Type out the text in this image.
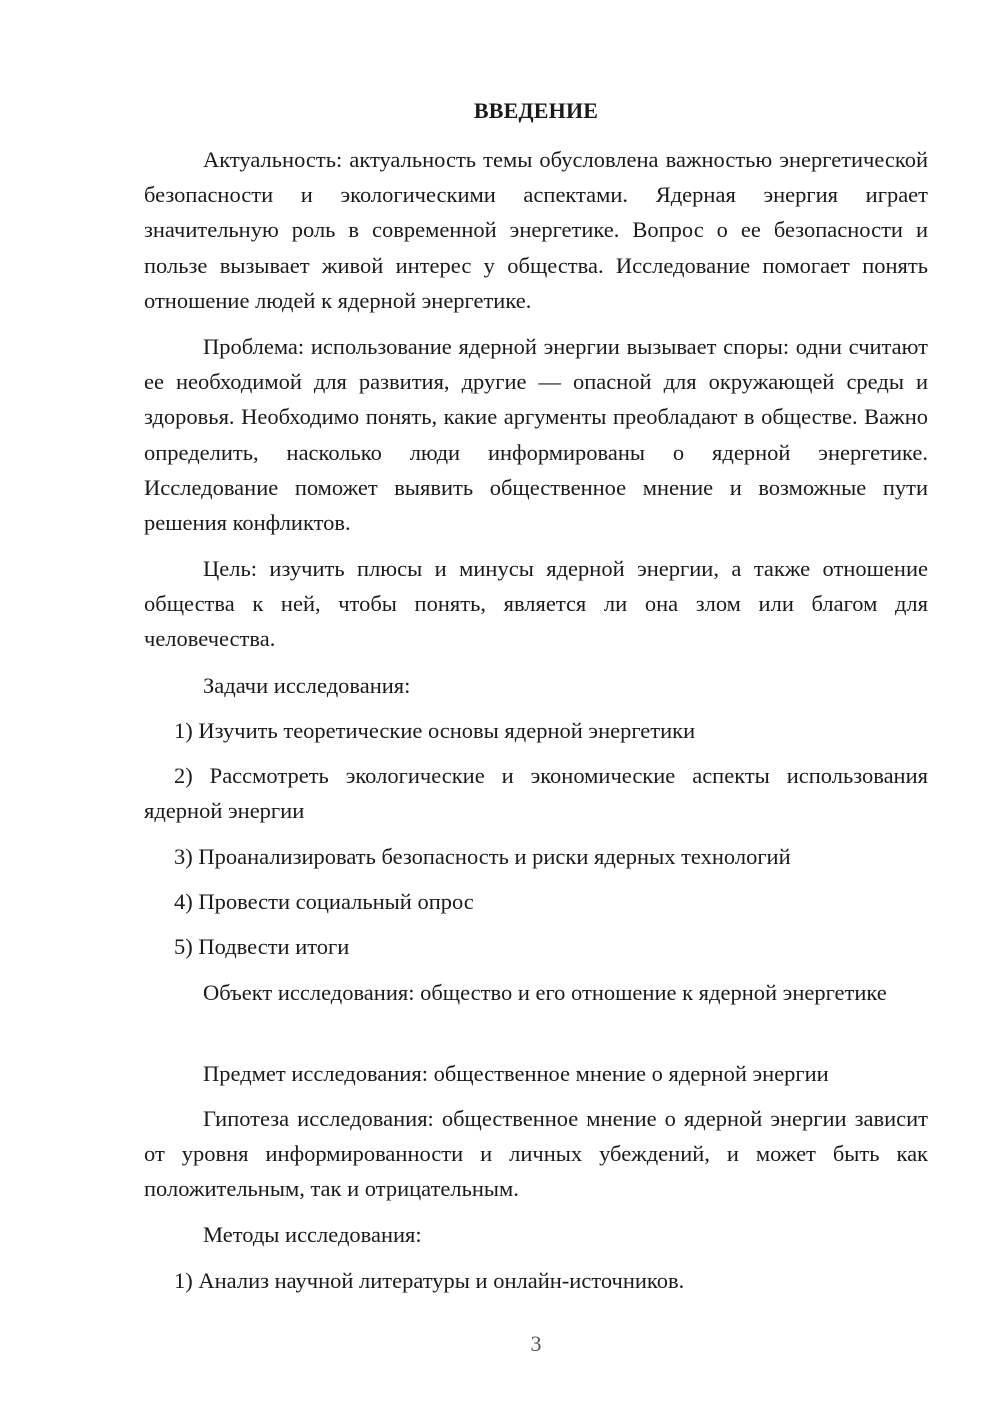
ВВЕДЕНИЕ

Актуальность: актуальность темы обусловлена важностью энергетической безопасности и экологическими аспектами. Ядерная энергия играет значительную роль в современной энергетике. Вопрос о ее безопасности и пользе вызывает живой интерес у общества. Исследование помогает понять отношение людей к ядерной энергетике.

Проблема: использование ядерной энергии вызывает споры: одни считают ее необходимой для развития, другие — опасной для окружающей среды и здоровья. Необходимо понять, какие аргументы преобладают в обществе. Важно определить, насколько люди информированы о ядерной энергетике. Исследование поможет выявить общественное мнение и возможные пути решения конфликтов.

Цель: изучить плюсы и минусы ядерной энергии, а также отношение общества к ней, чтобы понять, является ли она злом или благом для человечества.

Задачи исследования:

1) Изучить теоретические основы ядерной энергетики

2) Рассмотреть экологические и экономические аспекты использования ядерной энергии

3) Проанализировать безопасность и риски ядерных технологий

4) Провести социальный опрос

5) Подвести итоги

Объект исследования: общество и его отношение к ядерной энергетике

Предмет исследования: общественное мнение о ядерной энергии

Гипотеза исследования: общественное мнение о ядерной энергии зависит от уровня информированности и личных убеждений, и может быть как положительным, так и отрицательным.

Методы исследования:

1) Анализ научной литературы и онлайн-источников.

3
